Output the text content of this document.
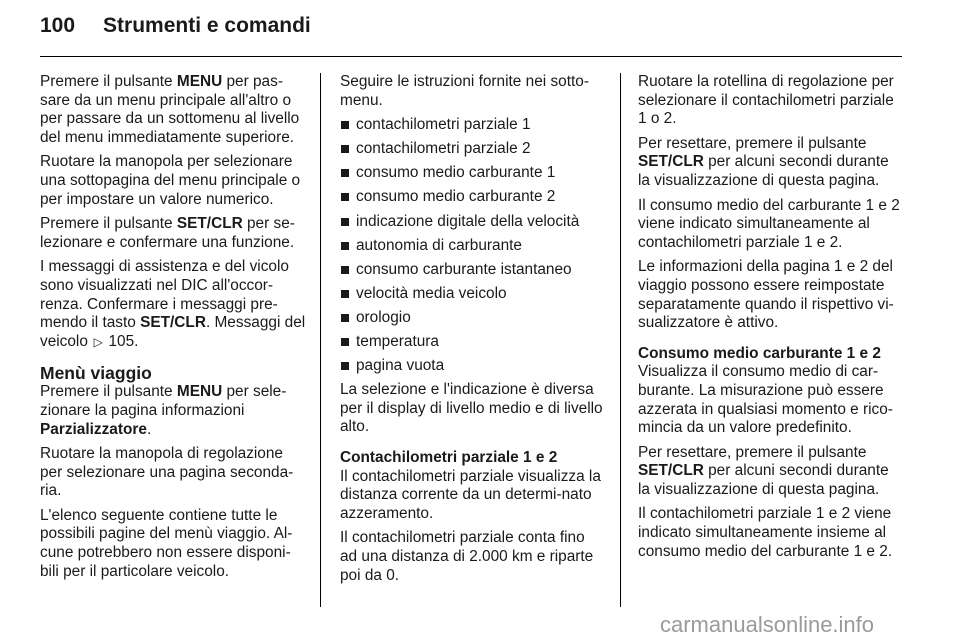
100 Strumenti e comandi

Premere il pulsante MENU per pas-sare da un menu principale all'altro o per passare da un sottomenu al livello del menu immediatamente superiore.

Ruotare la manopola per selezionare una sottopagina del menu principale o per impostare un valore numerico.

Premere il pulsante SET/CLR per se-lezionare e confermare una funzione.

I messaggi di assistenza e del vicolo sono visualizzati nel DIC all'occor-renza. Confermare i messaggi pre-mendo il tasto SET/CLR. Messaggi del veicolo ▷ 105.

Menù viaggio

Premere il pulsante MENU per sele-zionare la pagina informazioni Parzializzatore.

Ruotare la manopola di regolazione per selezionare una pagina seconda-ria.

L'elenco seguente contiene tutte le possibili pagine del menù viaggio. Al-cune potrebbero non essere disponi-bili per il particolare veicolo.

Seguire le istruzioni fornite nei sotto-menu.

contachilometri parziale 1
contachilometri parziale 2
consumo medio carburante 1
consumo medio carburante 2
indicazione digitale della velocità
autonomia di carburante
consumo carburante istantaneo
velocità media veicolo
orologio
temperatura
pagina vuota

La selezione e l'indicazione è diversa per il display di livello medio e di livello alto.

Contachilometri parziale 1 e 2

Il contachilometri parziale visualizza la distanza corrente da un determi-nato azzeramento.

Il contachilometri parziale conta fino ad una distanza di 2.000 km e riparte poi da 0.

Ruotare la rotellina di regolazione per selezionare il contachilometri parziale 1 o 2.

Per resettare, premere il pulsante SET/CLR per alcuni secondi durante la visualizzazione di questa pagina.

Il consumo medio del carburante 1 e 2 viene indicato simultaneamente al contachilometri parziale 1 e 2.

Le informazioni della pagina 1 e 2 del viaggio possono essere reimpostate separatamente quando il rispettivo vi-sualizzatore è attivo.

Consumo medio carburante 1 e 2

Visualizza il consumo medio di car-burante. La misurazione può essere azzerata in qualsiasi momento e rico-mincia da un valore predefinito.

Per resettare, premere il pulsante SET/CLR per alcuni secondi durante la visualizzazione di questa pagina.

Il contachilometri parziale 1 e 2 viene indicato simultaneamente insieme al consumo medio del carburante 1 e 2.

carmanualsonline.info
